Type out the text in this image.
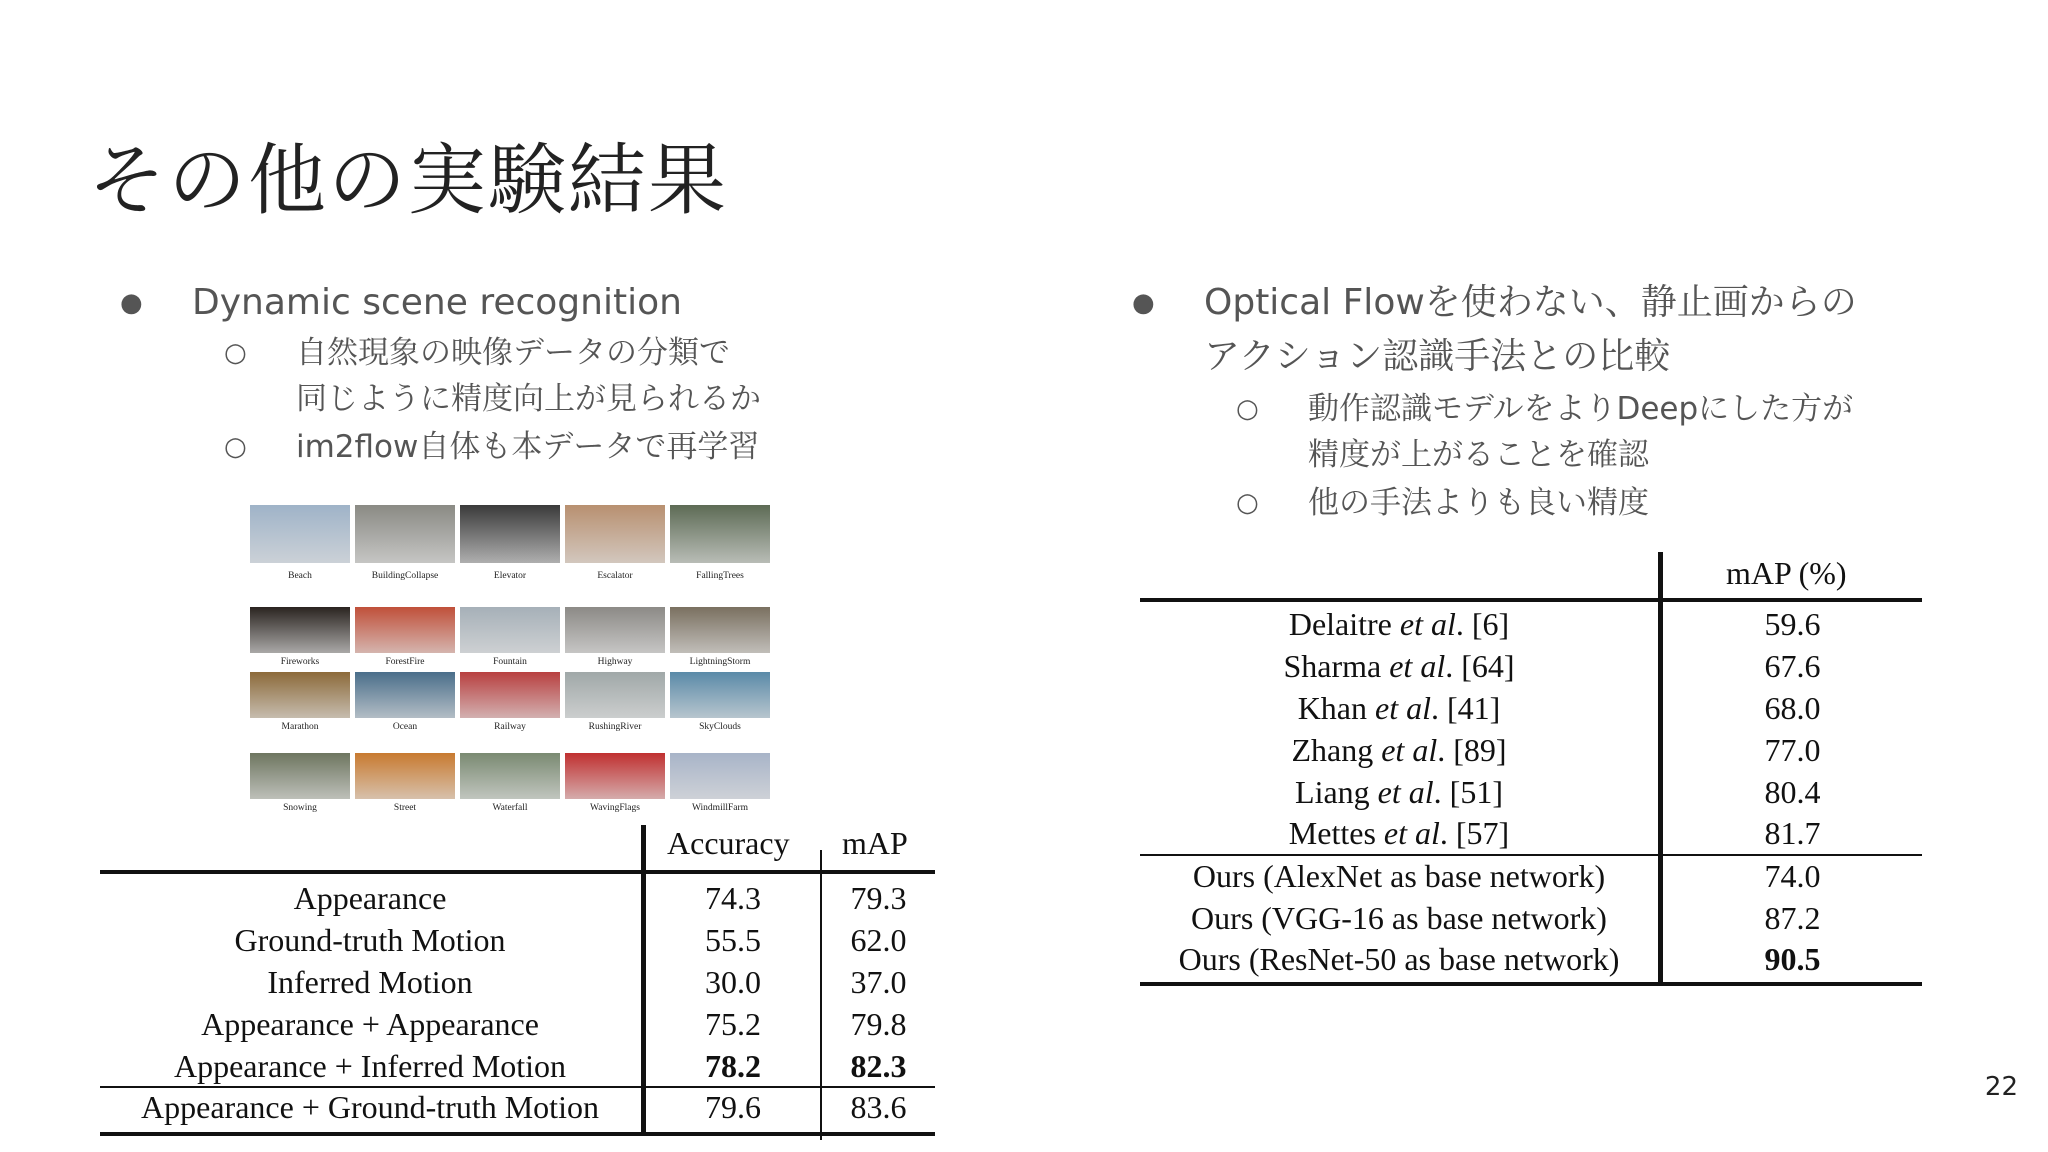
その他の実験結果
● Dynamic scene recognition
○ 自然現象の映像データの分類で
同じように精度向上が見られるか
○ im2flow自体も本データで再学習
Beach	BuildingCollapse	Elevator	Escalator	FallingTrees
Fireworks	ForestFire	Fountain	Highway	LightningStorm
Marathon	Ocean	Railway	RushingRiver	SkyClouds
Snowing	Street	Waterfall	WavingFlags	WindmillFarm
Accuracy mAP
Appearance	74.3	79.3
Ground-truth Motion	55.5	62.0
Inferred Motion	30.0	37.0
Appearance + Appearance	75.2	79.8
Appearance + Inferred Motion	78.2	82.3
Appearance + Ground-truth Motion	79.6	83.6
● Optical Flowを使わない、静止画からの
アクション認識手法との比較
○ 動作認識モデルをよりDeepにした方が
精度が上がることを確認
○ 他の手法よりも良い精度
mAP (%)
Delaitre et al. [6]	59.6
Sharma et al. [64]	67.6
Khan et al. [41]	68.0
Zhang et al. [89]	77.0
Liang et al. [51]	80.4
Mettes et al. [57]	81.7
Ours (AlexNet as base network)	74.0
Ours (VGG-16 as base network)	87.2
Ours (ResNet-50 as base network)	90.5
22
